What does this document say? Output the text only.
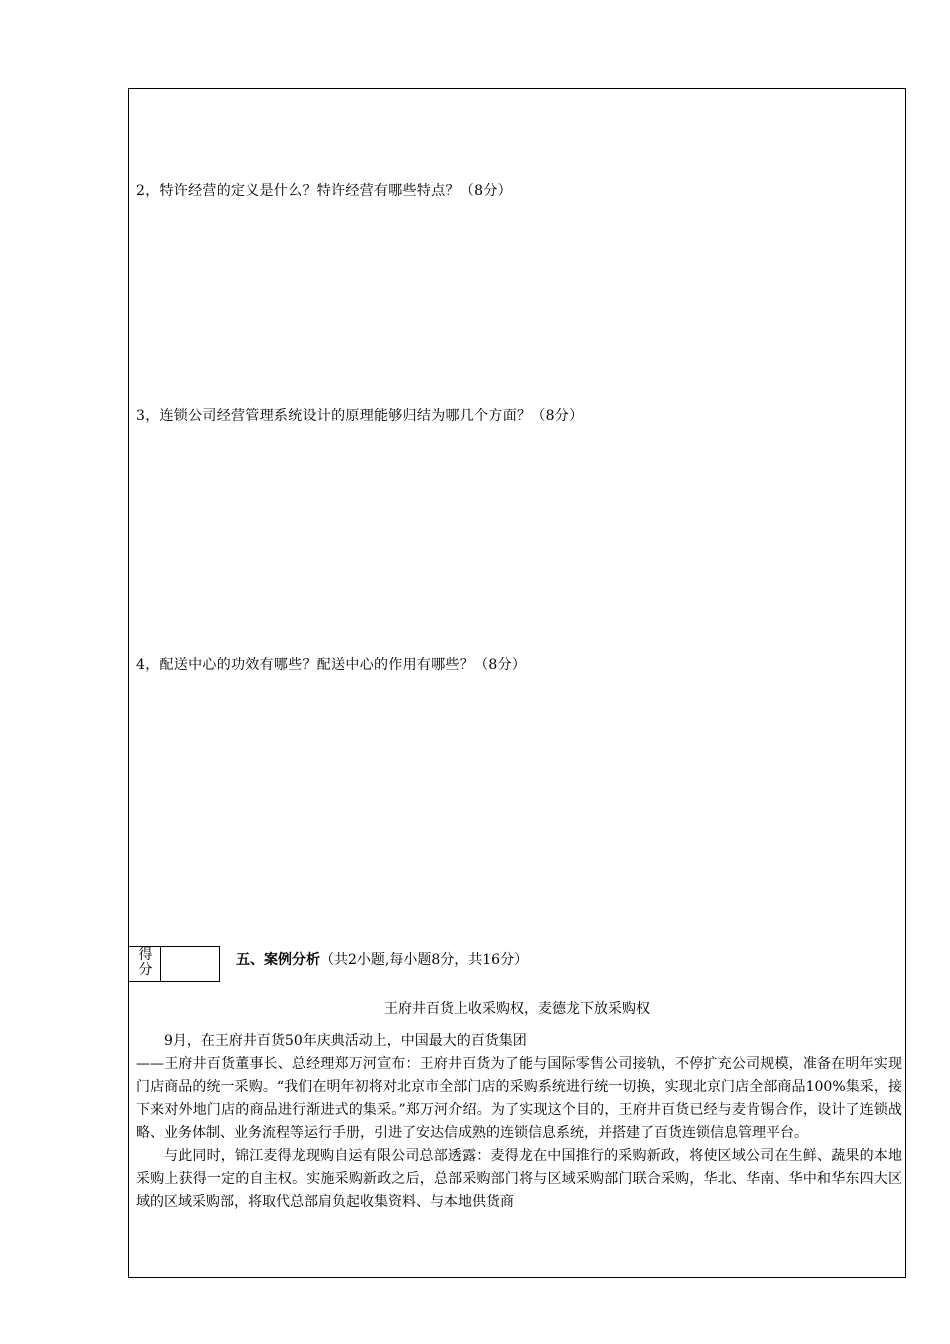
2，特许经营的定义是什么？特许经营有哪些特点？（8分）
3，连锁公司经营管理系统设计的原理能够归结为哪几个方面？（8分）
4，配送中心的功效有哪些？配送中心的作用有哪些？（8分）
得分
五、案例分析（共2小题,每小题8分，共16分）
王府井百货上收采购权，麦德龙下放采购权

9月，在王府井百货50年庆典活动上，中国最大的百货集团

——王府井百货董事长、总经理郑万河宣布：王府井百货为了能与国际零售公司接轨，不停扩充公司规模，准备在明年实现门店商品的统一采购。“我们在明年初将对北京市全部门店的采购系统进行统一切换，实现北京门店全部商品100%集采，接下来对外地门店的商品进行渐进式的集采。”郑万河介绍。为了实现这个目的，王府井百货已经与麦肯锡合作，设计了连锁战略、业务体制、业务流程等运行手册，引进了安达信成熟的连锁信息系统，并搭建了百货连锁信息管理平台。

与此同时，锦江麦得龙现购自运有限公司总部透露：麦得龙在中国推行的采购新政，将使区域公司在生鲜、蔬果的本地采购上获得一定的自主权。实施采购新政之后，总部采购部门将与区域采购部门联合采购，华北、华南、华中和华东四大区域的区域采购部，将取代总部肩负起收集资料、与本地供货商
